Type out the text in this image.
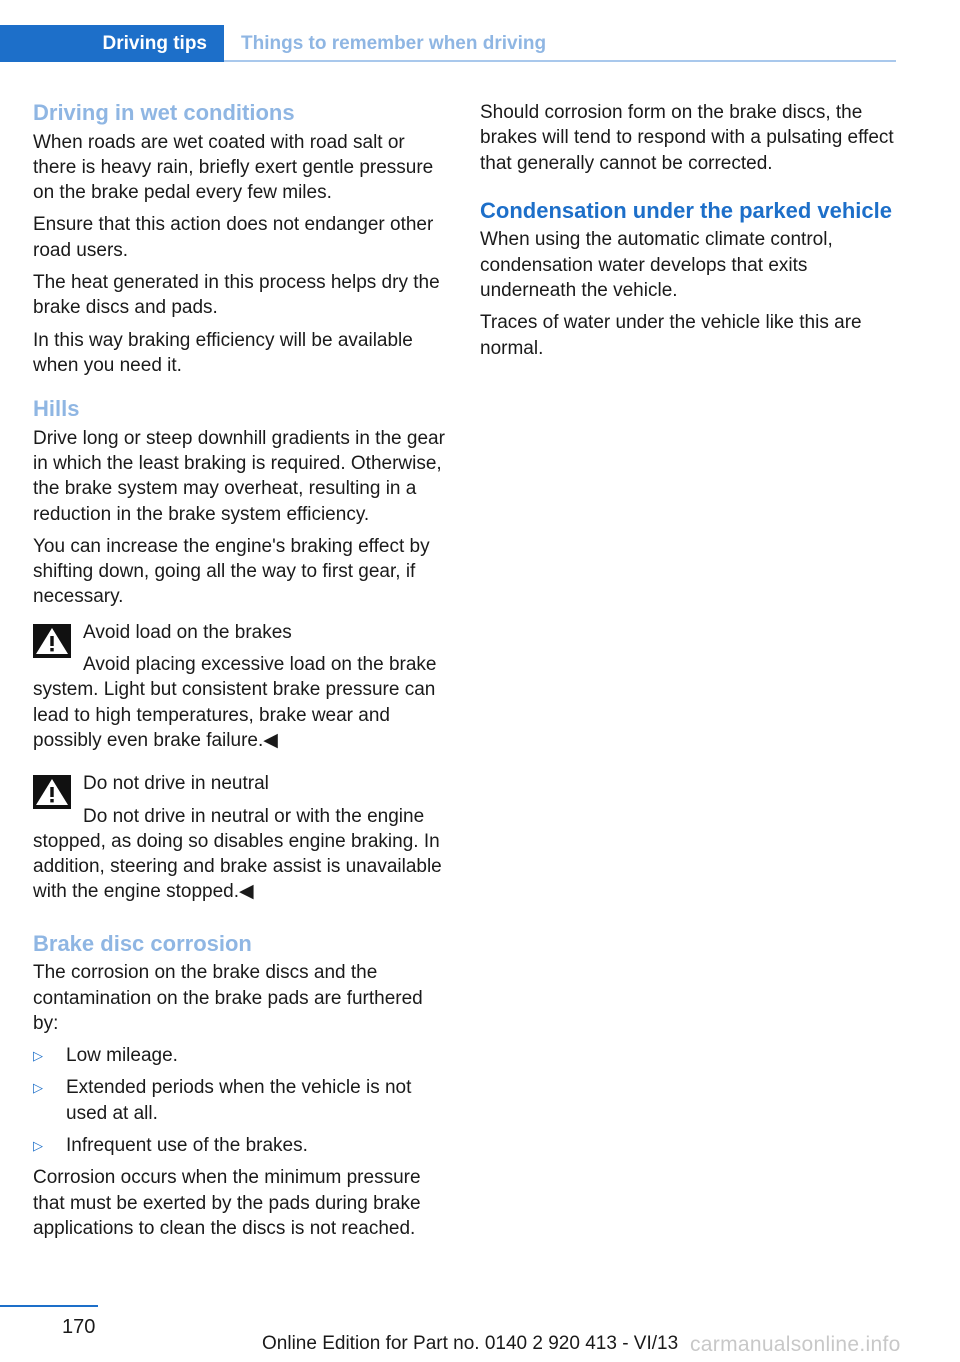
Driving tips	Things to remember when driving
Driving in wet conditions

When roads are wet coated with road salt or there is heavy rain, briefly exert gentle pressure on the brake pedal every few miles.

Ensure that this action does not endanger other road users.

The heat generated in this process helps dry the brake discs and pads.

In this way braking efficiency will be available when you need it.

Hills

Drive long or steep downhill gradients in the gear in which the least braking is required. Otherwise, the brake system may overheat, resulting in a reduction in the brake system efficiency.

You can increase the engine's braking effect by shifting down, going all the way to first gear, if necessary.

Avoid load on the brakes

Avoid placing excessive load on the brake system. Light but consistent brake pressure can lead to high temperatures, brake wear and possibly even brake failure.◀

Do not drive in neutral

Do not drive in neutral or with the engine stopped, as doing so disables engine braking. In addition, steering and brake assist is unavailable with the engine stopped.◀

Brake disc corrosion

The corrosion on the brake discs and the contamination on the brake pads are furthered by:

▷ Low mileage.
▷ Extended periods when the vehicle is not used at all.
▷ Infrequent use of the brakes.

Corrosion occurs when the minimum pressure that must be exerted by the pads during brake applications to clean the discs is not reached.

Should corrosion form on the brake discs, the brakes will tend to respond with a pulsating effect that generally cannot be corrected.

Condensation under the parked vehicle

When using the automatic climate control, condensation water develops that exits underneath the vehicle.

Traces of water under the vehicle like this are normal.

170
Online Edition for Part no. 0140 2 920 413 - VI/13 carmanualsonline.info
